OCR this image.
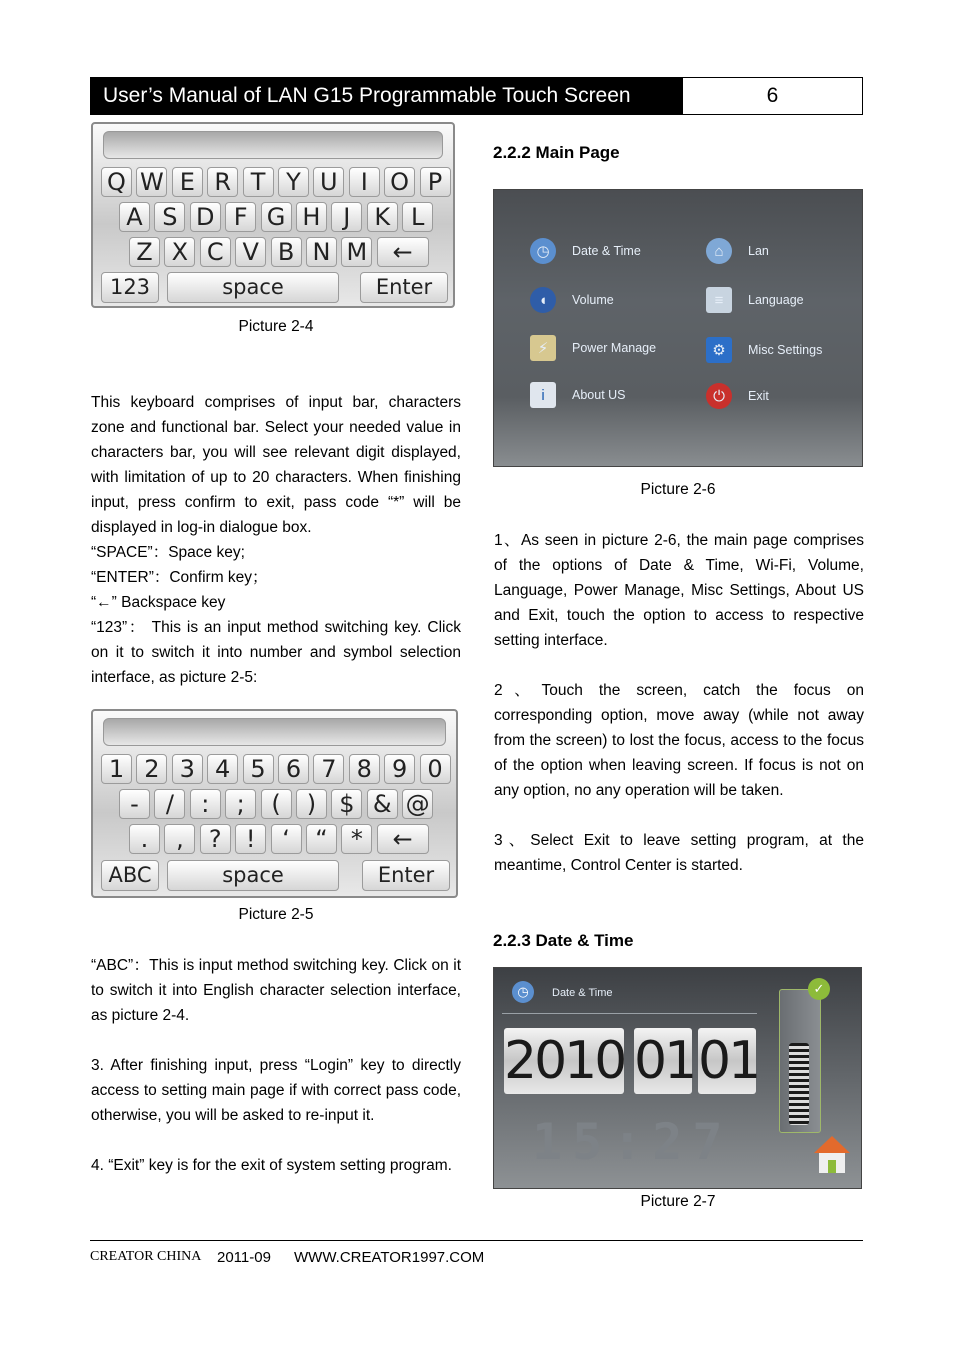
User’s Manual of LAN G15 Programmable Touch Screen	6
Q W E R T Y U I O P
A S D F G H J K L
Z X C V B N M	←
123	space	Enter
Picture 2-4

This keyboard comprises of input bar, characters zone and functional bar. Select your needed value in characters bar, you will see relevant digit displayed, with limitation of up to 20 characters. When finishing input, press confirm to exit, pass code “*” will be displayed in log-in dialogue box.

“SPACE”：Space key;

“ENTER”：Confirm key；

“←” Backspace key

“123”： This is an input method switching key. Click on it to switch it into number and symbol selection interface, as picture 2-5:

1 2 3 4 5 6 7 8 9 0
-	/	:	;	(	) $ & @
.	,	?	!	‘	“ *	←
ABC	space	Enter
Picture 2-5

“ABC”：This is input method switching key. Click on it to switch it into English character selection interface, as picture 2-4.

3. After finishing input, press “Login” key to directly access to setting main page if with correct pass code, otherwise, you will be asked to re-input it.

4. “Exit” key is for the exit of system setting program.

2.2.2 Main Page
◷	Date & Time	⌂	Lan
◖	Volume	≡	Language
⚡	Power Manage	⚙	Misc Settings
i	About US	⏻	Exit
Picture 2-6

1、As seen in picture 2-6, the main page comprises of the options of Date & Time, Wi-Fi, Volume, Language, Power Manage, Misc Settings, About US and Exit, touch the option to access to respective setting interface.

2、Touch the screen, catch the focus on corresponding option, move away (while not away from the screen) to lost the focus, access to the focus of the option when leaving screen. If focus is not on any option, no any operation will be taken.

3、Select Exit to leave setting program, at the meantime, Control Center is started.

2.2.3 Date & Time
◷	Date & Time
2010 01 01
15:27
✓
Picture 2-7
CREATOR CHINA 2011-09 WWW.CREATOR1997.COM
